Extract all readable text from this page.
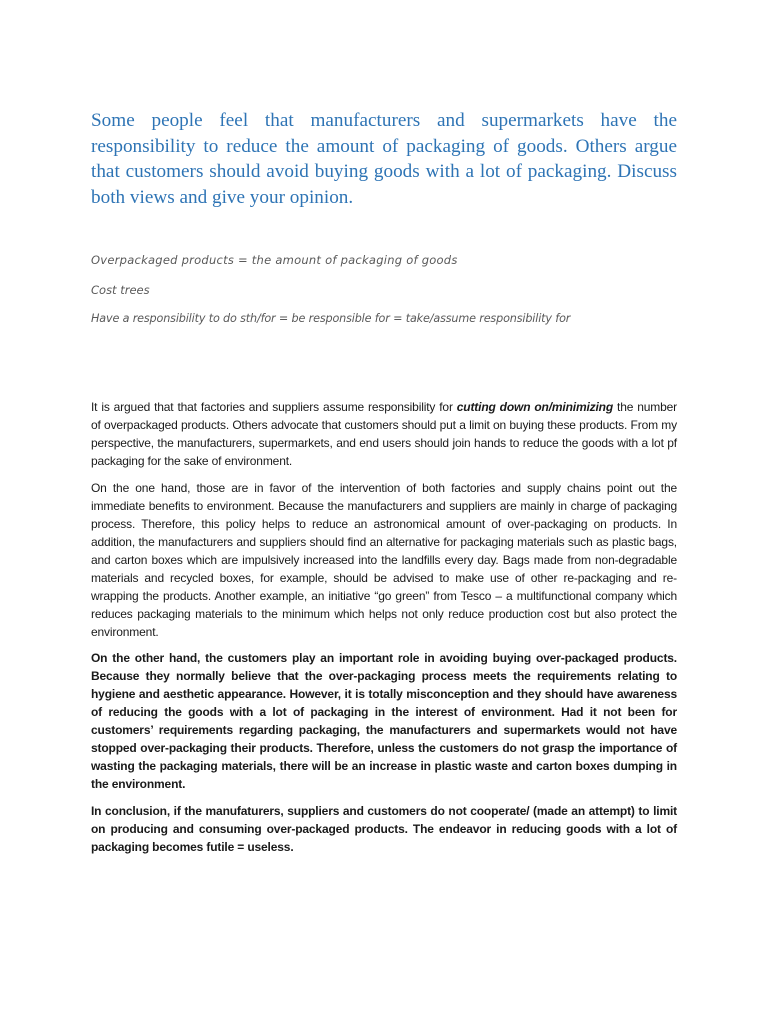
Some people feel that manufacturers and supermarkets have the responsibility to reduce the amount of packaging of goods. Others argue that customers should avoid buying goods with a lot of packaging. Discuss both views and give your opinion.

Overpackaged products = the amount of packaging of goods

Cost trees

Have a responsibility to do sth/for = be responsible for = take/assume responsibility for

It is argued that that factories and suppliers assume responsibility for cutting down on/minimizing the number of overpackaged products. Others advocate that customers should put a limit on buying these products. From my perspective, the manufacturers, supermarkets, and end users should join hands to reduce the goods with a lot pf packaging for the sake of environment.

On the one hand, those are in favor of the intervention of both factories and supply chains point out the immediate benefits to environment. Because the manufacturers and suppliers are mainly in charge of packaging process. Therefore, this policy helps to reduce an astronomical amount of over-packaging on products. In addition, the manufacturers and suppliers should find an alternative for packaging materials such as plastic bags, and carton boxes which are impulsively increased into the landfills every day. Bags made from non-degradable materials and recycled boxes, for example, should be advised to make use of other re-packaging and re-wrapping the products. Another example, an initiative “go green” from Tesco – a multifunctional company which reduces packaging materials to the minimum which helps not only reduce production cost but also protect the environment.

On the other hand, the customers play an important role in avoiding buying over-packaged products. Because they normally believe that the over-packaging process meets the requirements relating to hygiene and aesthetic appearance. However, it is totally misconception and they should have awareness of reducing the goods with a lot of packaging in the interest of environment. Had it not been for customers’ requirements regarding packaging, the manufacturers and supermarkets would not have stopped over-packaging their products. Therefore, unless the customers do not grasp the importance of wasting the packaging materials, there will be an increase in plastic waste and carton boxes dumping in the environment.

In conclusion, if the manufaturers, suppliers and customers do not cooperate/ (made an attempt) to limit on producing and consuming over-packaged products. The endeavor in reducing goods with a lot of packaging becomes futile = useless.
